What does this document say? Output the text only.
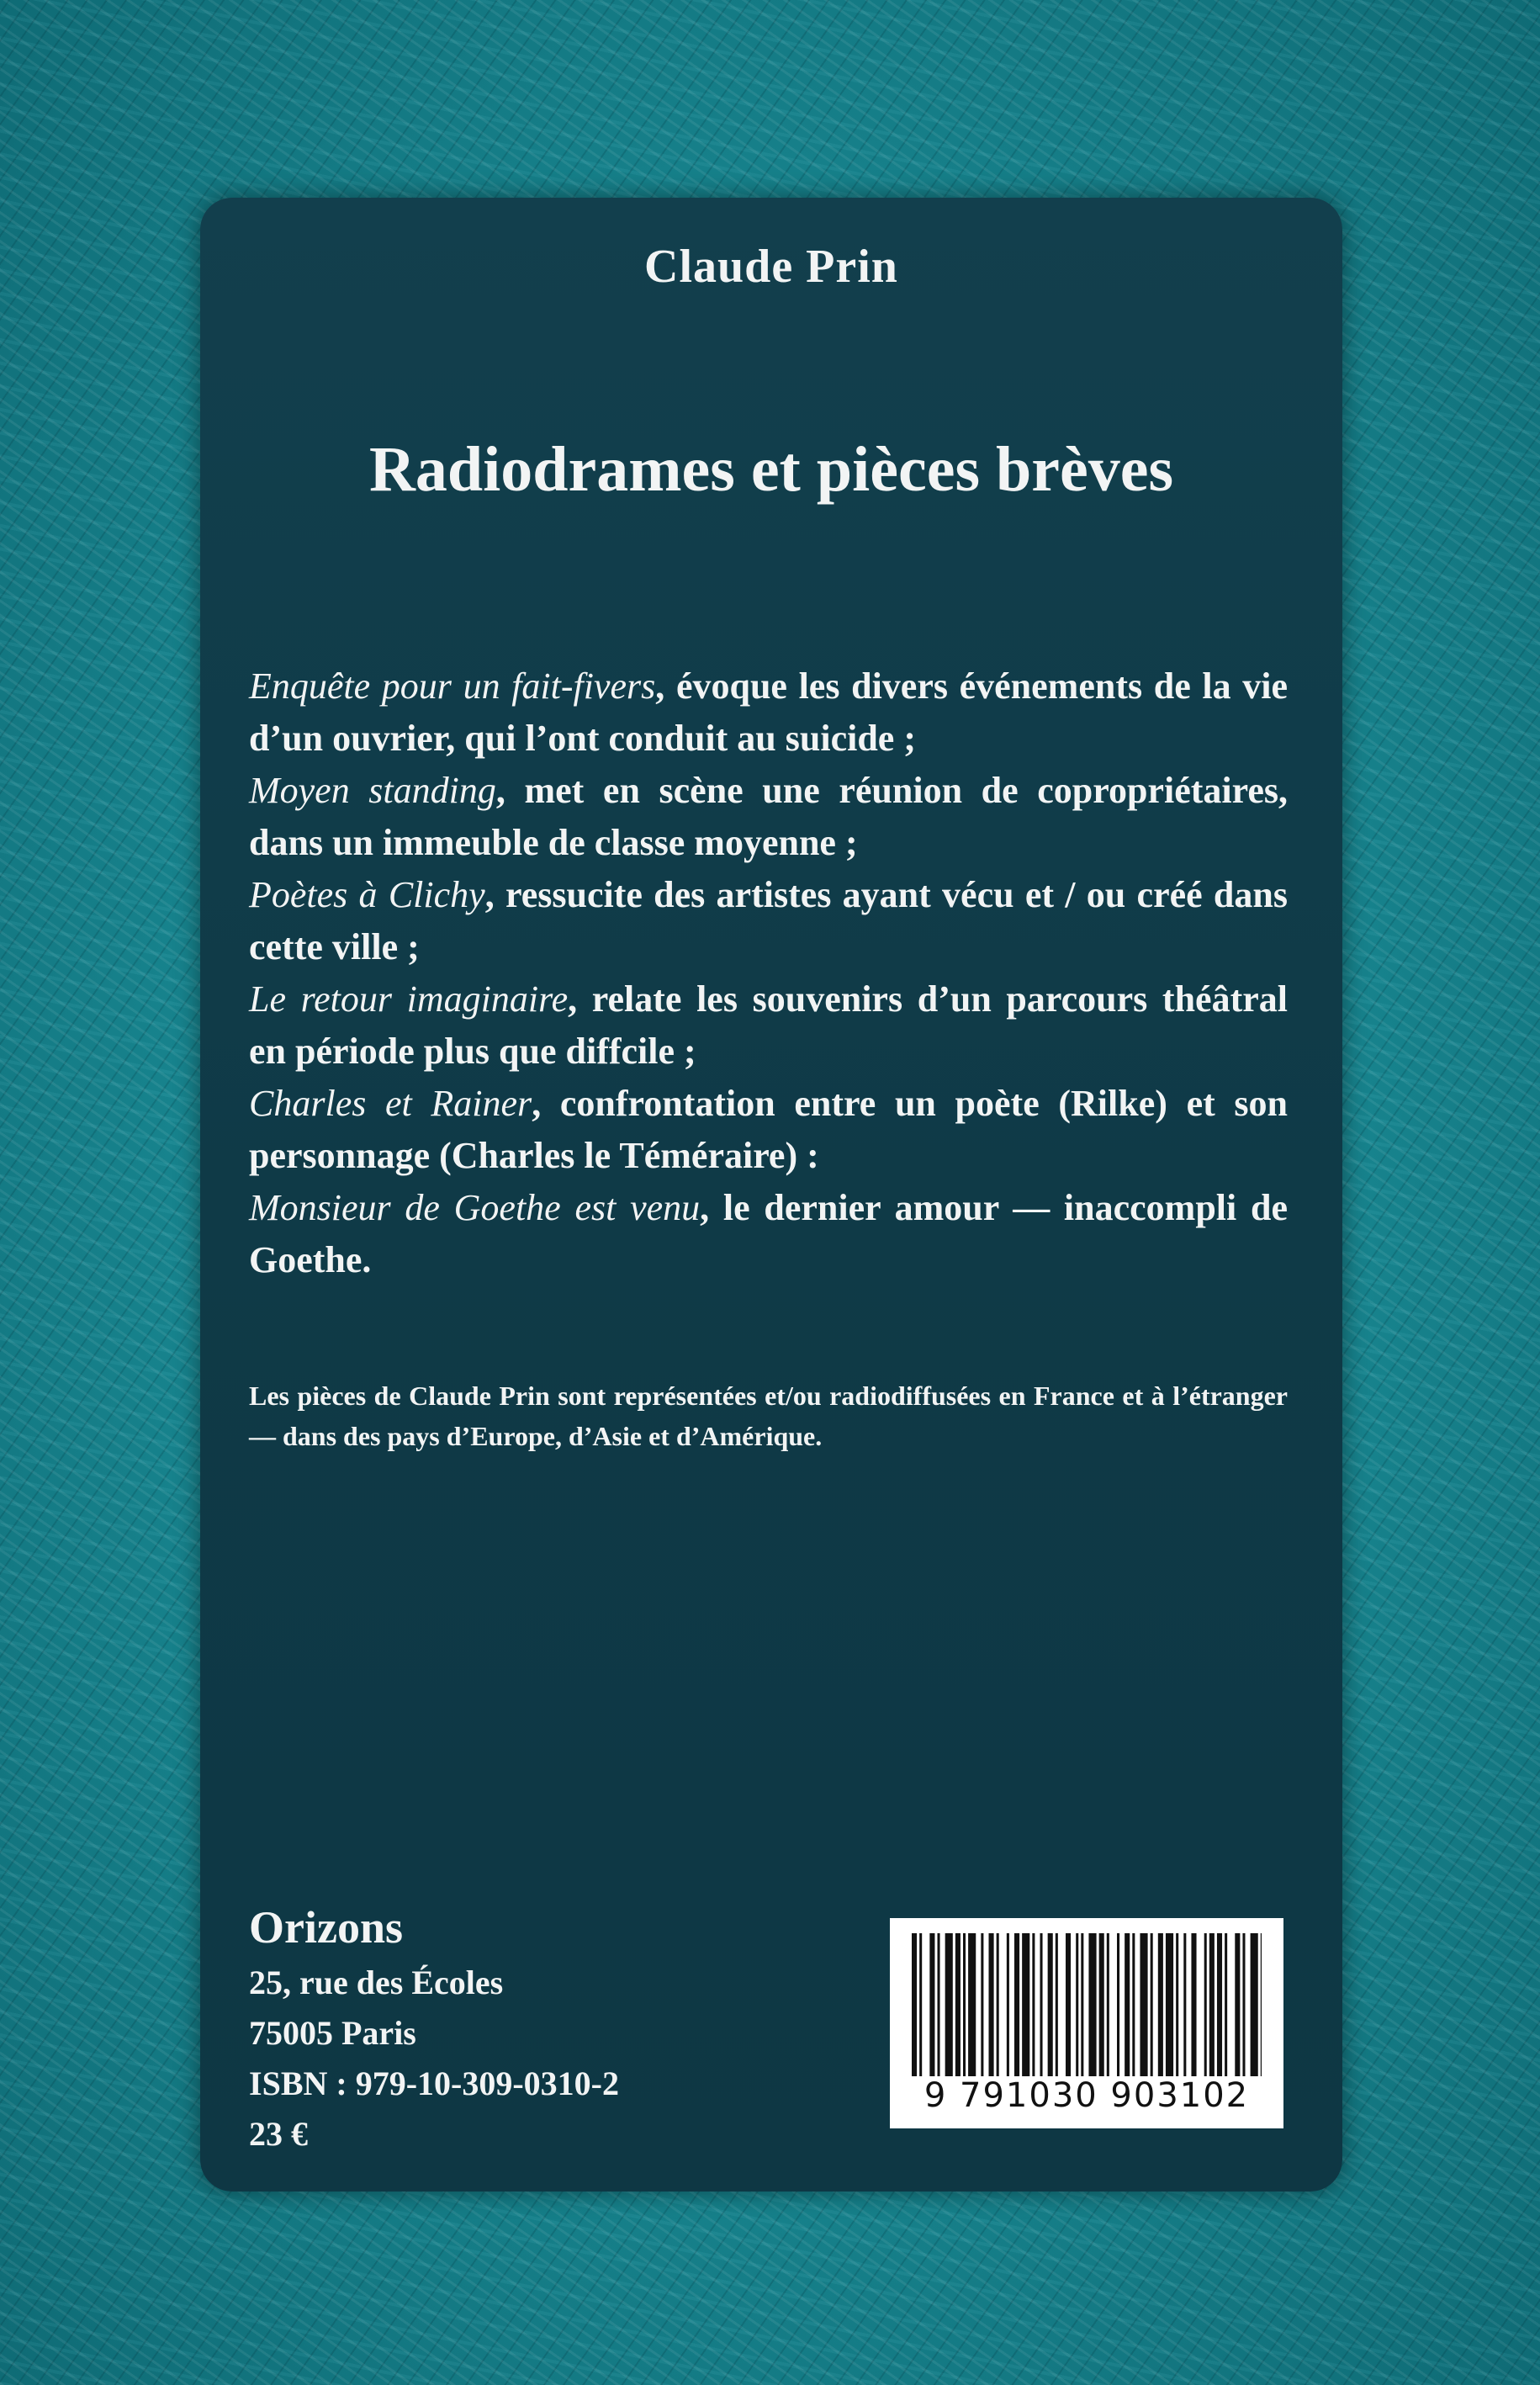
Claude Prin
Radiodrames et pièces brèves

Enquête pour un fait-fivers, évoque les divers événements de la vie d’un ouvrier, qui l’ont conduit au suicide ;

Moyen standing, met en scène une réunion de copropriétaires, dans un immeuble de classe moyenne ;

Poètes à Clichy, ressucite des artistes ayant vécu et / ou créé dans cette ville ;

Le retour imaginaire, relate les souvenirs d’un parcours théâtral en période plus que diffcile ;

Charles et Rainer, confrontation entre un poète (Rilke) et son personnage (Charles le Téméraire) :

Monsieur de Goethe est venu, le dernier amour — inaccompli de Goethe.

Les pièces de Claude Prin sont représentées et/ou radiodiffusées en France et à l’étranger — dans des pays d’Europe, d’Asie et d’Amérique.
Orizons
25, rue des Écoles
75005 Paris
ISBN : 979-10-309-0310-2
23 €
9 791030 903102
